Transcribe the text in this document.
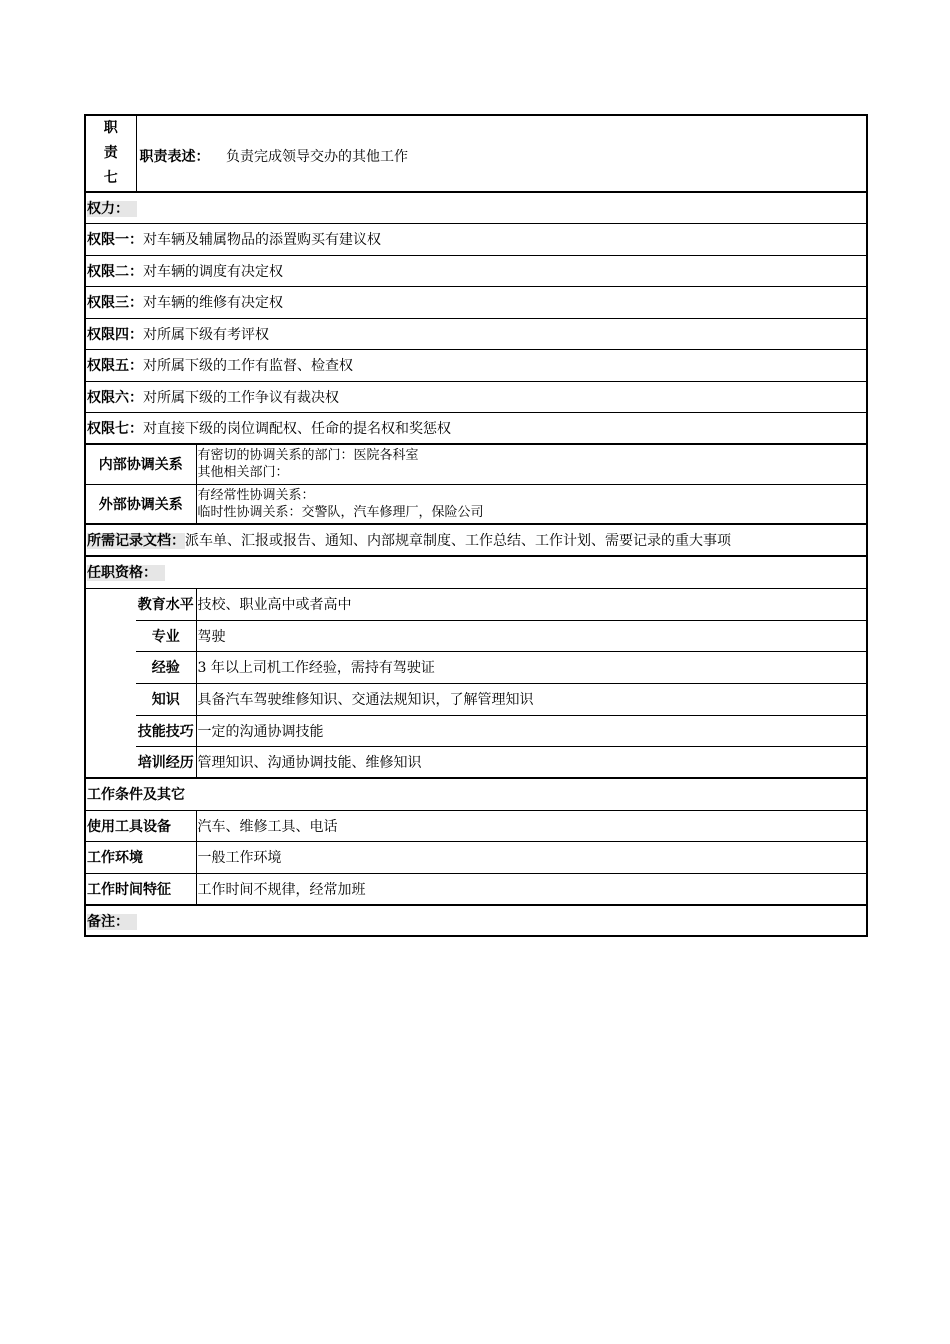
职
责
七	职责表述： 负责完成领导交办的其他工作	
权力：		
权限一：对车辆及辅属物品的添置购买有建议权		
权限二：对车辆的调度有决定权		
权限三：对车辆的维修有决定权		
权限四：对所属下级有考评权		
权限五：对所属下级的工作有监督、检查权		
权限六：对所属下级的工作争议有裁决权		
权限七：对直接下级的岗位调配权、任命的提名权和奖惩权		
内部协调关系		有密切的协调关系的部门：医院各科室
其他相关部门：

外部协调关系		有经常性协调关系：
临时性协调关系：交警队，汽车修理厂，保险公司

所需记录文档：派车单、汇报或报告、通知、内部规章制度、工作总结、工作计划、需要记录的重大事项		
任职资格：		
	教育水平	技校、职业高中或者高中
	专业	驾驶
	经验	3 年以上司机工作经验，需持有驾驶证
	知识	具备汽车驾驶维修知识、交通法规知识，了解管理知识
	技能技巧	一定的沟通协调技能
	培训经历	管理知识、沟通协调技能、维修知识
工作条件及其它		
使用工具设备		汽车、维修工具、电话
工作环境		一般工作环境
工作时间特征		工作时间不规律，经常加班
备注：		
